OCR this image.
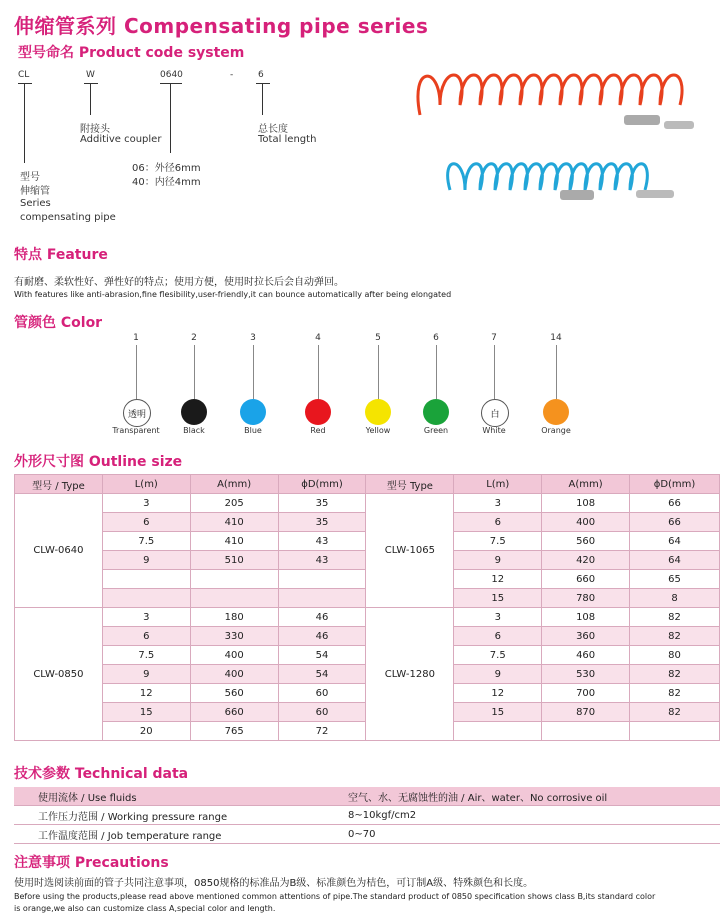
伸缩管系列 Compensating pipe series
型号命名 Product code system
CL	W	0640	-	6
附接头
Additive coupler
总长度
Total length
06：外径6mm
40：内径4mm
型号
伸缩管
Series
compensating pipe
特点 Feature
有耐磨、柔软性好、弹性好的特点；使用方便，使用时拉长后会自动弹回。
With features like anti-abrasion,fine flesibility,user-friendly,it can bounce automatically after being elongated
管颜色 Color
1
透明
Transparent
2
Black
3
Blue
4
Red
5
Yellow
6
Green
7
白
White
14
Orange
外形尺寸图 Outline size
型号 / Type	L(m)	A(mm)	ϕD(mm)	型号 Type	L(m)	A(mm)	ϕD(mm)
CLW-0640	3	205	35	CLW-1065	3	108	66
	6	410	35		6	400	66
	7.5	410	43		7.5	560	64
	9	510	43		9	420	64
					12	660	65
					15	780	8
CLW-0850	3	180	46	CLW-1280	3	108	82
	6	330	46		6	360	82
	7.5	400	54		7.5	460	80
	9	400	54		9	530	82
	12	560	60		12	700	82
	15	660	60		15	870	82
	20	765	72				
技术参数 Technical data
使用流体 / Use fluids	空气、水、无腐蚀性的油 / Air、water、No corrosive oil
工作压力范围 / Working pressure range	8~10kgf/cm2
工作温度范围 / Job temperature range	0~70
注意事项 Precautions
使用时选阅读前面的管子共同注意事项，0850规格的标准品为B级、标准颜色为桔色，可订制A级、特殊颜色和长度。
Before using the products,please read above mentioned common attentions of pipe.The standard product of 0850 specification shows class B,its standard color
is orange,we also can customize class A,special color and length.
